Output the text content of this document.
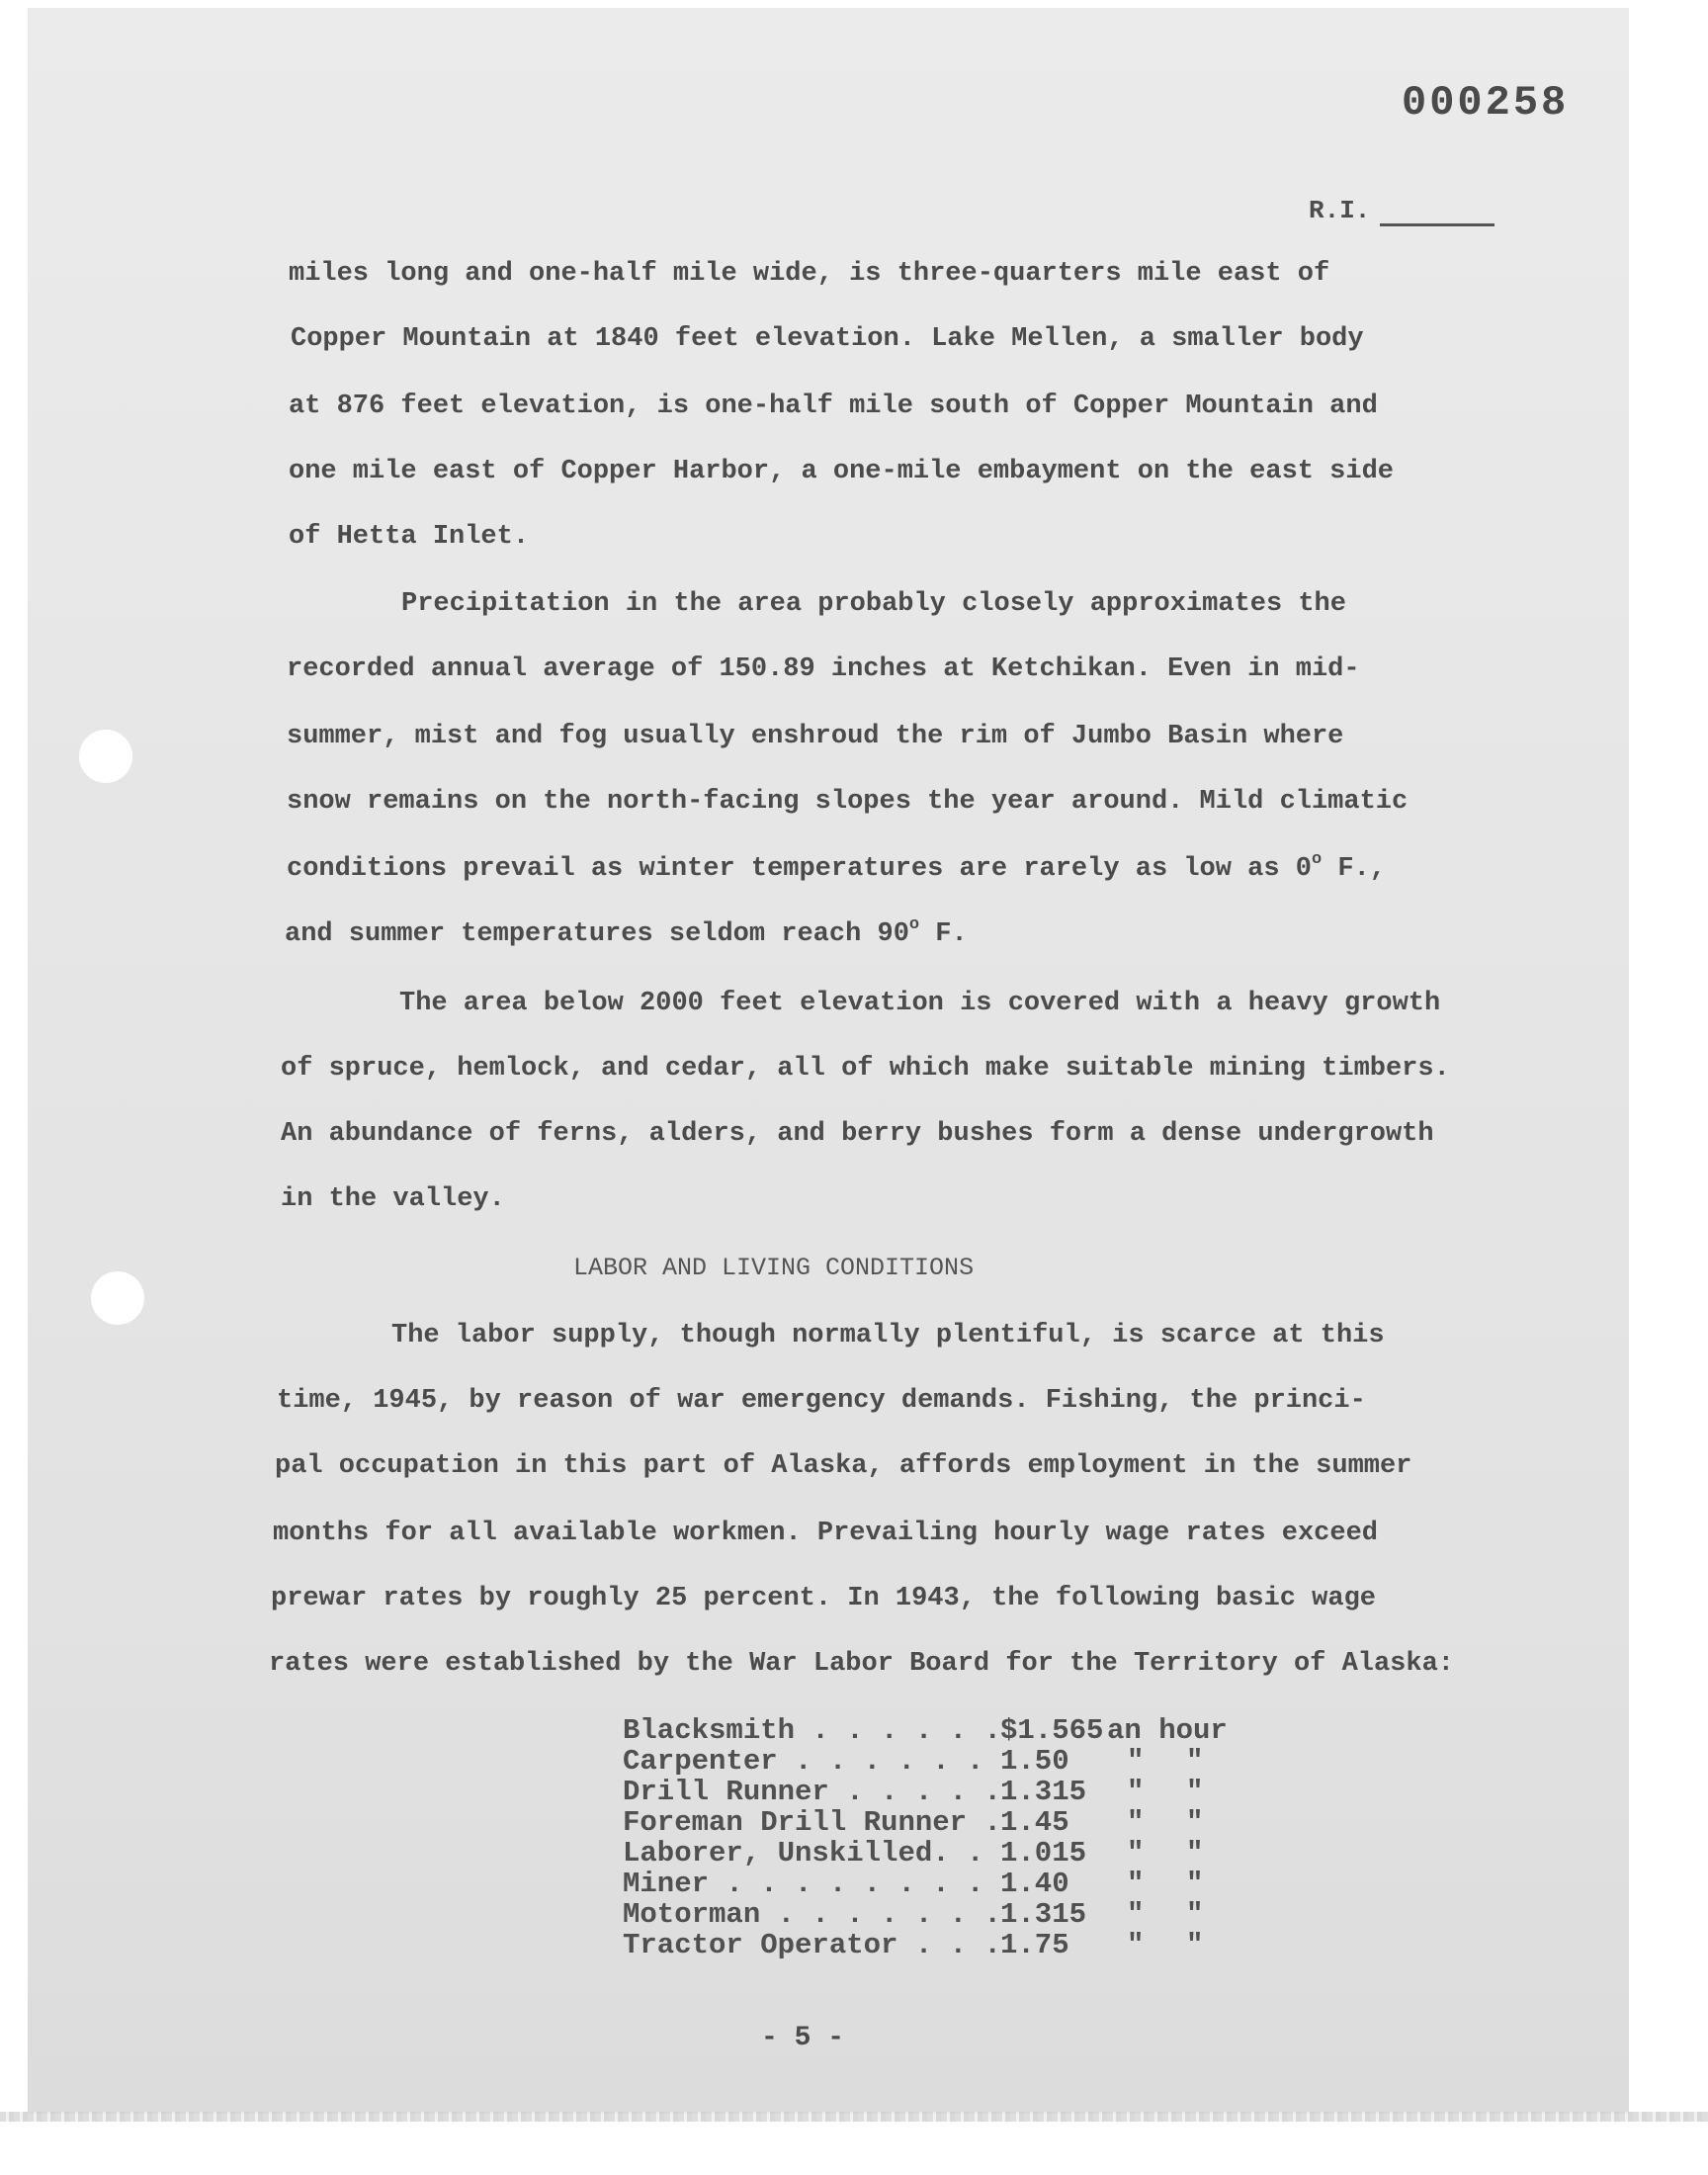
000258
R.I.
miles long and one-half mile wide, is three-quarters mile east of
Copper Mountain at 1840 feet elevation. Lake Mellen, a smaller body
at 876 feet elevation, is one-half mile south of Copper Mountain and
one mile east of Copper Harbor, a one-mile embayment on the east side
of Hetta Inlet.
Precipitation in the area probably closely approximates the
recorded annual average of 150.89 inches at Ketchikan. Even in mid-
summer, mist and fog usually enshroud the rim of Jumbo Basin where
snow remains on the north-facing slopes the year around. Mild climatic
conditions prevail as winter temperatures are rarely as low as 0$^o$ F.,
and summer temperatures seldom reach 90$^o$ F.
The area below 2000 feet elevation is covered with a heavy growth
of spruce, hemlock, and cedar, all of which make suitable mining timbers.
An abundance of ferns, alders, and berry bushes form a dense undergrowth
in the valley.
LABOR AND LIVING CONDITIONS
The labor supply, though normally plentiful, is scarce at this
time, 1945, by reason of war emergency demands. Fishing, the princi-
pal occupation in this part of Alaska, affords employment in the summer
months for all available workmen. Prevailing hourly wage rates exceed
prewar rates by roughly 25 percent. In 1943, the following basic wage
rates were established by the War Labor Board for the Territory of Alaska:
Blacksmith . . . . . . $1.565 an hour
Carpenter . . . . . . 1.50 " "
Drill Runner . . . . . 1.315 " "
Foreman Drill Runner . 1.45 " "
Laborer, Unskilled. . 1.015 " "
Miner . . . . . . . . .
1.40 " "
Motorman . . . . . . . 1.315 " "
Tractor Operator . . . 1.75 " "
- 5 -
